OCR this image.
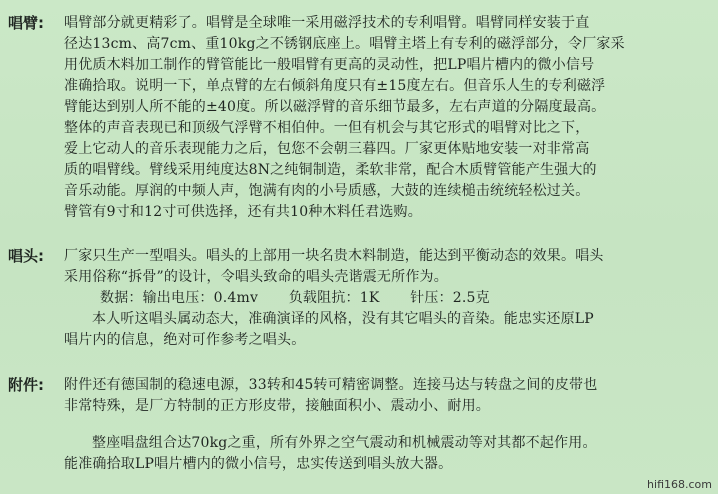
唱臂: 唱臂部分就更精彩了。唱臂是全球唯一采用磁浮技术的专利唱臂。唱臂同样安装于直
径达13cm、高7cm、重10kg之不锈钢底座上。唱臂主塔上有专利的磁浮部分，令厂家采
用优质木料加工制作的臂管能比一般唱臂有更高的灵动性，把LP唱片槽内的微小信号
准确拾取。说明一下，单点臂的左右倾斜角度只有±15度左右。但音乐人生的专利磁浮
臂能达到别人所不能的±40度。所以磁浮臂的音乐细节最多，左右声道的分隔度最高。
整体的声音表现已和顶级气浮臂不相伯仲。一但有机会与其它形式的唱臂对比之下，
爱上它动人的音乐表现能力之后，包您不会朝三暮四。厂家更体贴地安装一对非常高
质的唱臂线。臂线采用纯度达8N之纯铜制造，柔软非常，配合木质臂管能产生强大的
音乐动能。厚润的中频人声，饱满有肉的小号质感，大鼓的连续槌击统统轻松过关。
臂管有9寸和12寸可供选择，还有共10种木料任君选购。
唱头: 厂家只生产一型唱头。唱头的上部用一块名贵木料制造，能达到平衡动态的效果。唱头
采用俗称“拆骨”的设计，令唱头致命的唱头壳谐震无所作为。
数据：输出电压：0.4mv 负载阻抗：1K 针压：2.5克
本人听这唱头属动态大，准确演译的风格，没有其它唱头的音染。能忠实还原LP
唱片内的信息，绝对可作参考之唱头。
附件: 附件还有德国制的稳速电源，33转和45转可精密调整。连接马达与转盘之间的皮带也
非常特殊，是厂方特制的正方形皮带，接触面积小、震动小、耐用。
整座唱盘组合达70kg之重，所有外界之空气震动和机械震动等对其都不起作用。
能准确拾取LP唱片槽内的微小信号，忠实传送到唱头放大器。
hifi168.com
